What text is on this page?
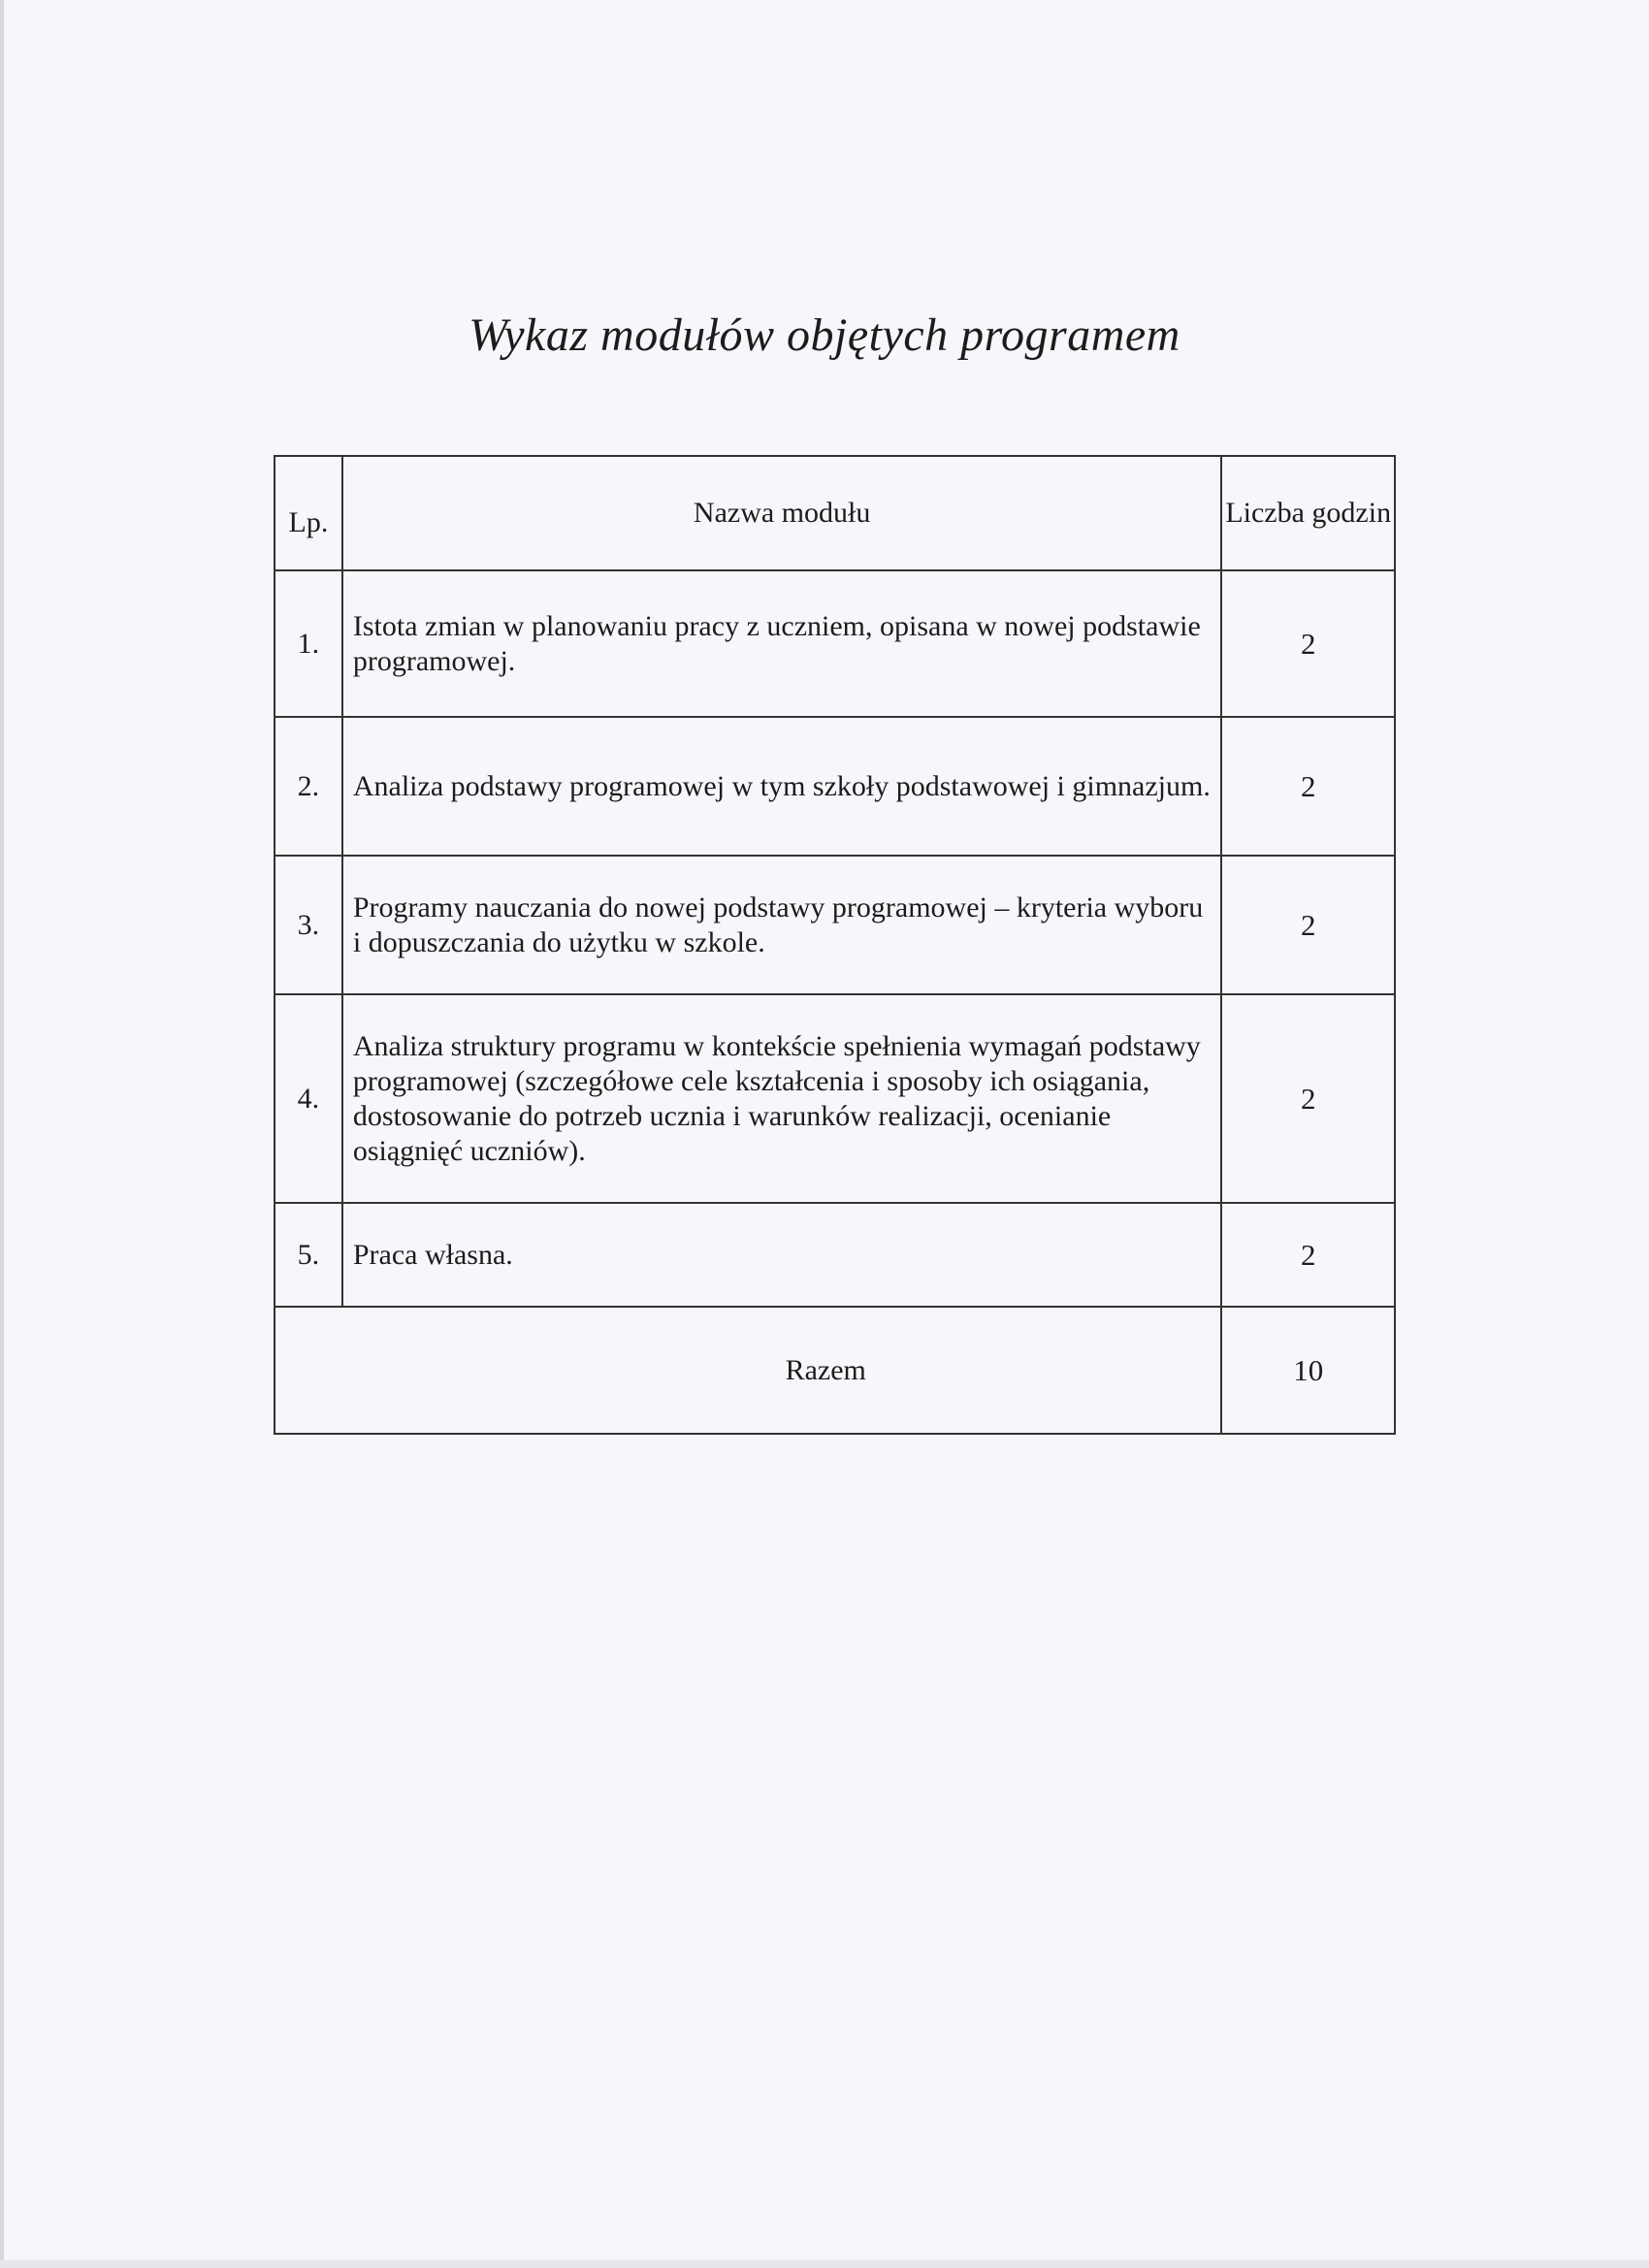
Wykaz modułów objętych programem
Lp.	Nazwa modułu	Liczba godzin
1.	Istota zmian w planowaniu pracy z uczniem, opisana w nowej podstawie programowej.	2
2.	Analiza podstawy programowej w tym szkoły podstawowej i gimnazjum.	2
3.	Programy nauczania do nowej podstawy programowej – kryteria wyboru i dopuszczania do użytku w szkole.	2
4.	Analiza struktury programu w kontekście spełnienia wymagań podstawy programowej (szczegółowe cele kształcenia i sposoby ich osiągania, dostosowanie do potrzeb ucznia i warunków realizacji, ocenianie osiągnięć uczniów).	2
5.	Praca własna.	2
Razem		10
